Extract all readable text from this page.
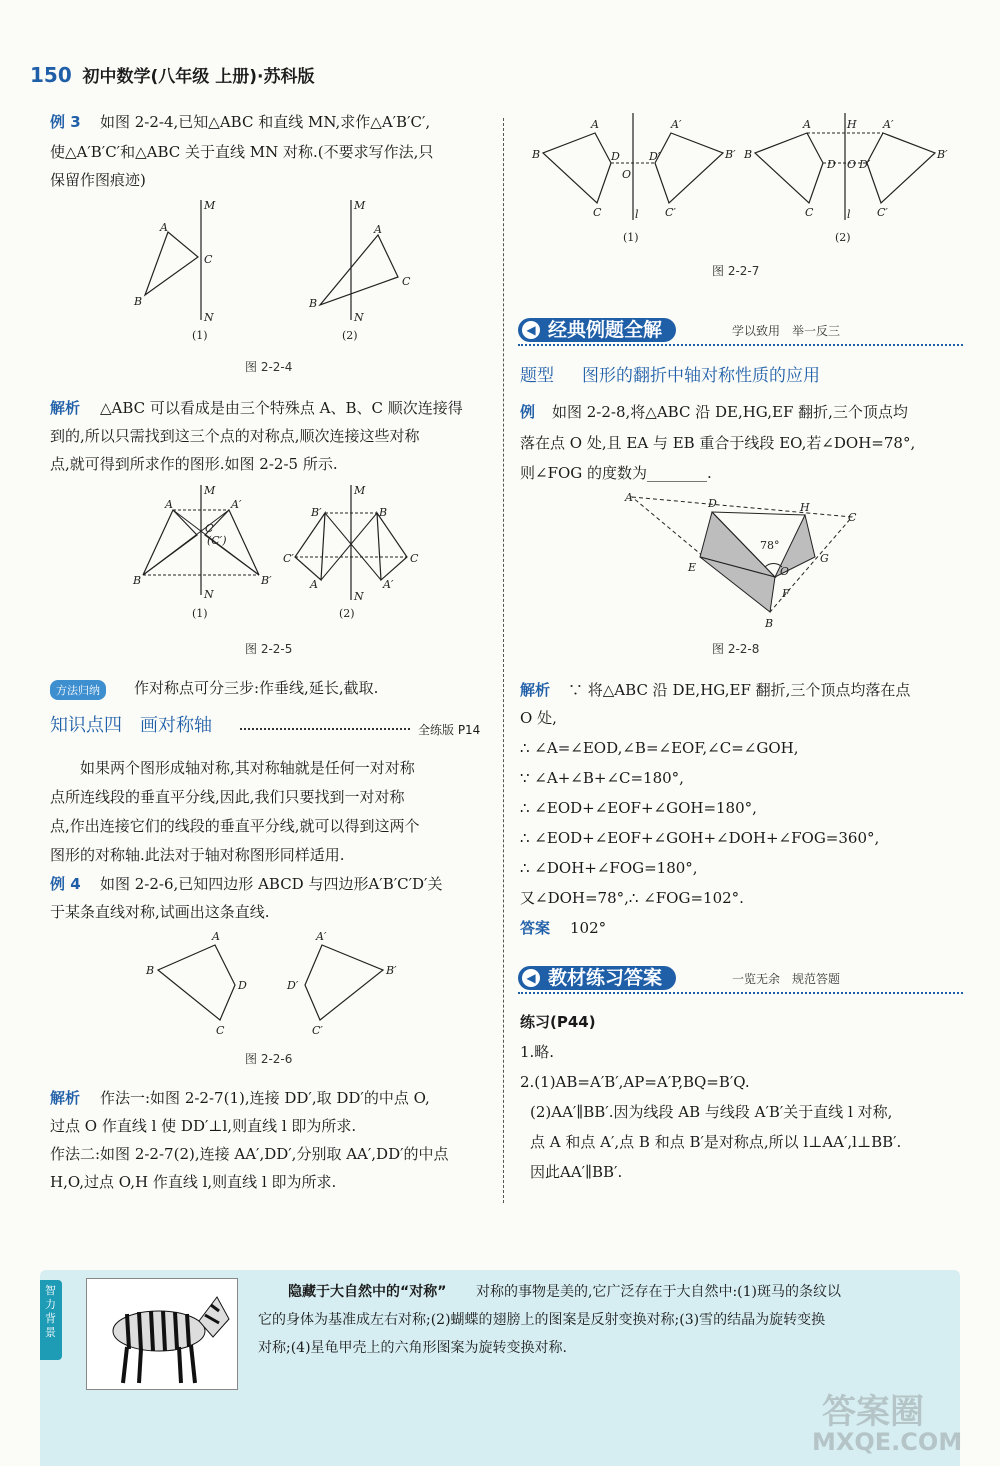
150 初中数学(八年级 上册)·苏科版
例 3 如图 2-2-4,已知△ABC 和直线 MN,求作△A′B′C′,
使△A′B′C′和△ABC 关于直线 MN 对称.(不要求写作法,只
保留作图痕迹)
A
B
C
M
N
(1)
A
B
C
M
N
(2)
图 2-2-4
解析 △ABC 可以看成是由三个特殊点 A、B、C 顺次连接得
到的,所以只需找到这三个点的对称点,顺次连接这些对称
点,就可得到所求作的图形.如图 2-2-5 所示.
A	A′
B	B′
C
(C′)
M
N
(1)
B′	B
C′	C
A	A′
M
N
(2)
图 2-2-5
方法归纳	作对称点可分三步:作垂线,延长,截取.
知识点四　画对称轴	全练版 P14
如果两个图形成轴对称,其对称轴就是任何一对对称
点所连线段的垂直平分线,因此,我们只要找到一对对称
点,作出连接它们的线段的垂直平分线,就可以得到这两个
图形的对称轴.此法对于轴对称图形同样适用.
例 4 如图 2-2-6,已知四边形 ABCD 与四边形A′B′C′D′关
于某条直线对称,试画出这条直线.
A
B
C
D
A′
B′
C′
D′
图 2-2-6
解析 作法一:如图 2-2-7(1),连接 DD′,取 DD′的中点 O,
过点 O 作直线 l 使 DD′⊥l,则直线 l 即为所求.
作法二:如图 2-2-7(2),连接 AA′,DD′,分别取 AA′,DD′的中点
H,O,过点 O,H 作直线 l,则直线 l 即为所求.
A
B
C
D
O
l
A′
B′
C′
D′
(1)
A
B
C
D
H
O
l
A′
B′
C′
D′
(2)
图 2-2-7
◀ 经典例题全解	学以致用　举一反三
题型 图形的翻折中轴对称性质的应用
例 如图 2-2-8,将△ABC 沿 DE,HG,EF 翻折,三个顶点均
落在点 O 处,且 EA 与 EB 重合于线段 EO,若∠DOH=78°,
则∠FOG 的度数为________.
A
B
C
D
E
F
G
H
O
78°
图 2-2-8
解析 ∵ 将△ABC 沿 DE,HG,EF 翻折,三个顶点均落在点
O 处,
∴ ∠A=∠EOD,∠B=∠EOF,∠C=∠GOH,
∵ ∠A+∠B+∠C=180°,
∴ ∠EOD+∠EOF+∠GOH=180°,
∴ ∠EOD+∠EOF+∠GOH+∠DOH+∠FOG=360°,
∴ ∠DOH+∠FOG=180°,
又∠DOH=78°,∴ ∠FOG=102°.
答案 102°
◀ 教材练习答案	一览无余　规范答题
练习(P44)
1.略.
2.(1)AB=A′B′,AP=A′P,BQ=B′Q.
(2)AA′∥BB′.因为线段 AB 与线段 A′B′关于直线 l 对称,
点 A 和点 A′,点 B 和点 B′是对称点,所以 l⊥AA′,l⊥BB′.
因此AA′∥BB′.
智力背景
隐藏于大自然中的“对称” 对称的事物是美的,它广泛存在于大自然中:(1)斑马的条纹以
它的身体为基准成左右对称;(2)蝴蝶的翅膀上的图案是反射变换对称;(3)雪的结晶为旋转变换
对称;(4)星龟甲壳上的六角形图案为旋转变换对称.
答案圈
MXQE.COM
